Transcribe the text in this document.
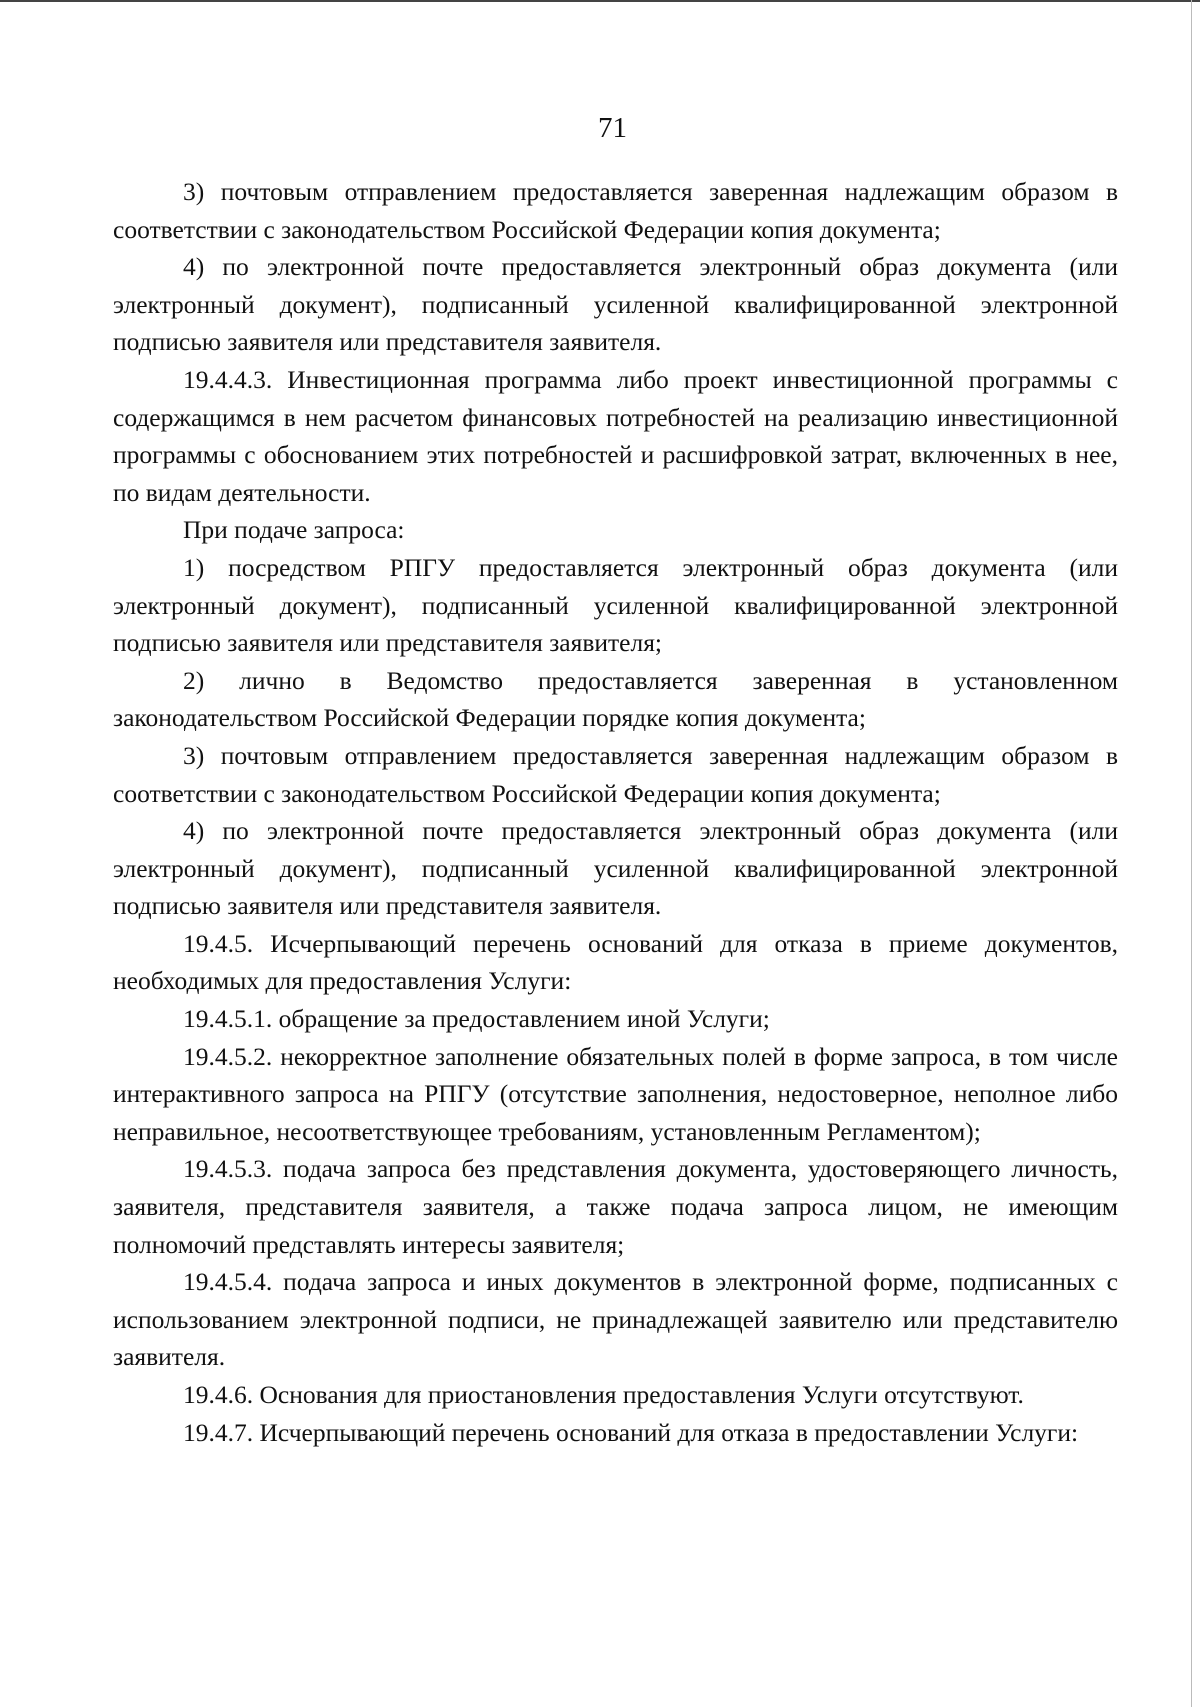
71

3) почтовым отправлением предоставляется заверенная надлежащим образом в соответствии с законодательством Российской Федерации копия документа;

4) по электронной почте предоставляется электронный образ документа (или электронный документ), подписанный усиленной квалифицированной электронной подписью заявителя или представителя заявителя.

19.4.4.3. Инвестиционная программа либо проект инвестиционной программы с содержащимся в нем расчетом финансовых потребностей на реализацию инвестиционной программы с обоснованием этих потребностей и расшифровкой затрат, включенных в нее, по видам деятельности.

При подаче запроса:

1) посредством РПГУ предоставляется электронный образ документа (или электронный документ), подписанный усиленной квалифицированной электронной подписью заявителя или представителя заявителя;

2) лично в Ведомство предоставляется заверенная в установленном законодательством Российской Федерации порядке копия документа;

3) почтовым отправлением предоставляется заверенная надлежащим образом в соответствии с законодательством Российской Федерации копия документа;

4) по электронной почте предоставляется электронный образ документа (или электронный документ), подписанный усиленной квалифицированной электронной подписью заявителя или представителя заявителя.

19.4.5. Исчерпывающий перечень оснований для отказа в приеме документов, необходимых для предоставления Услуги:

19.4.5.1. обращение за предоставлением иной Услуги;

19.4.5.2. некорректное заполнение обязательных полей в форме запроса, в том числе интерактивного запроса на РПГУ (отсутствие заполнения, недостоверное, неполное либо неправильное, несоответствующее требованиям, установленным Регламентом);

19.4.5.3. подача запроса без представления документа, удостоверяющего личность, заявителя, представителя заявителя, а также подача запроса лицом, не имеющим полномочий представлять интересы заявителя;

19.4.5.4. подача запроса и иных документов в электронной форме, подписанных с использованием электронной подписи, не принадлежащей заявителю или представителю заявителя.

19.4.6. Основания для приостановления предоставления Услуги отсутствуют.

19.4.7. Исчерпывающий перечень оснований для отказа в предоставлении Услуги:
